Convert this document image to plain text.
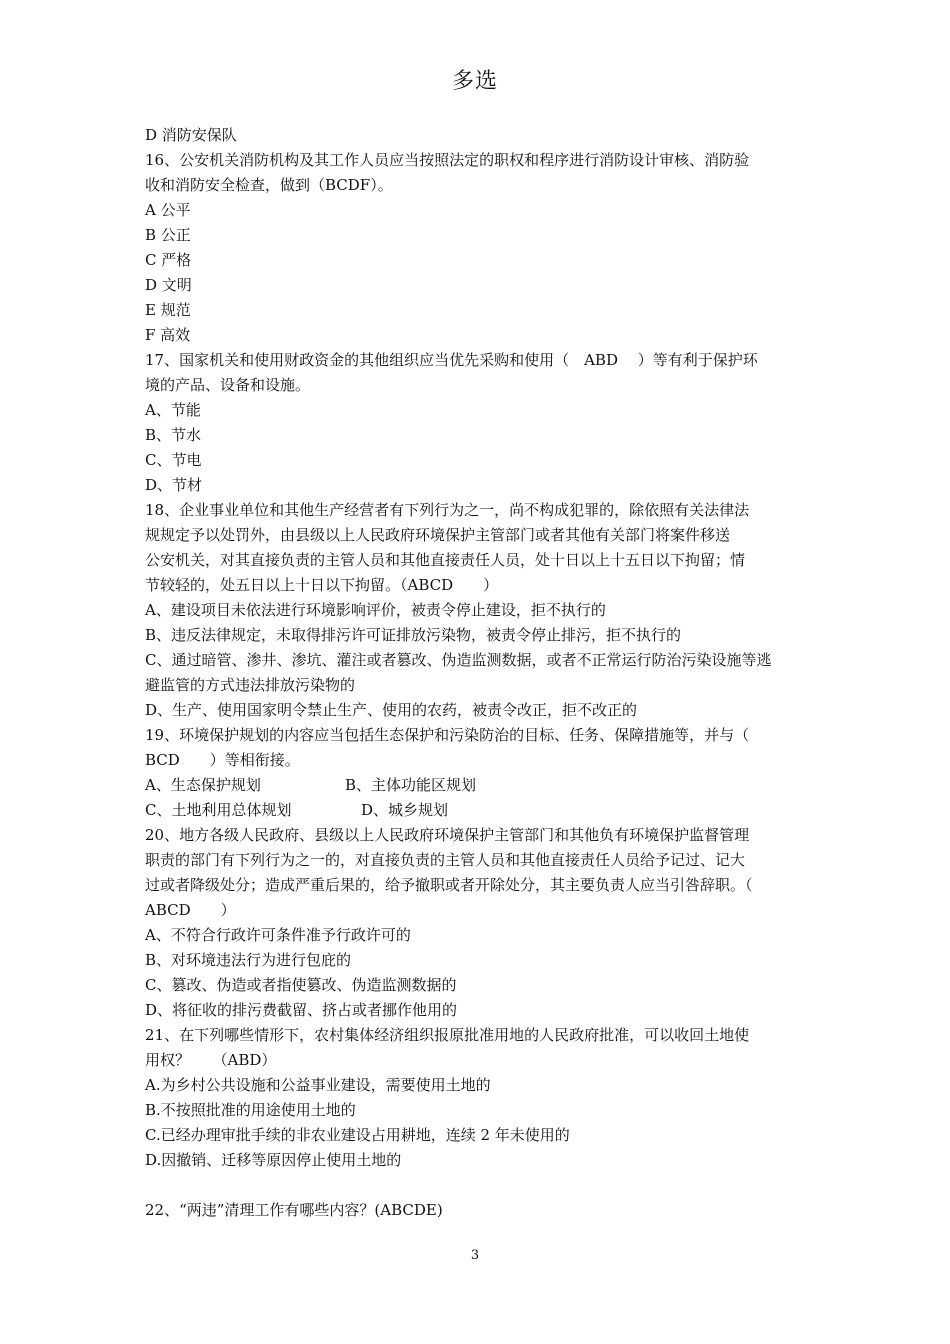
多选

D 消防安保队

16、公安机关消防机构及其工作人员应当按照法定的职权和程序进行消防设计审核、消防验

收和消防安全检查，做到（BCDF）。

A 公平

B 公正

C 严格

D 文明

E 规范

F 高效

17、国家机关和使用财政资金的其他组织应当优先采购和使用（　ABD　 ）等有利于保护环

境的产品、设备和设施。

A、节能

B、节水

C、节电

D、节材

18、企业事业单位和其他生产经营者有下列行为之一，尚不构成犯罪的，除依照有关法律法

规规定予以处罚外，由县级以上人民政府环境保护主管部门或者其他有关部门将案件移送

公安机关，对其直接负责的主管人员和其他直接责任人员，处十日以上十五日以下拘留；情

节较轻的，处五日以上十日以下拘留。（ABCD　　）

A、建设项目未依法进行环境影响评价，被责令停止建设，拒不执行的

B、违反法律规定，未取得排污许可证排放污染物，被责令停止排污，拒不执行的

C、通过暗管、渗井、渗坑、灌注或者篡改、伪造监测数据，或者不正常运行防治污染设施等逃

避监管的方式违法排放污染物的

D、生产、使用国家明令禁止生产、使用的农药，被责令改正，拒不改正的

19、环境保护规划的内容应当包括生态保护和污染防治的目标、任务、保障措施等，并与（

BCD　　）等相衔接。

A、生态保护规划	B、主体功能区规划
C、土地利用总体规划	D、城乡规划

20、地方各级人民政府、县级以上人民政府环境保护主管部门和其他负有环境保护监督管理

职责的部门有下列行为之一的，对直接负责的主管人员和其他直接责任人员给予记过、记大

过或者降级处分；造成严重后果的，给予撤职或者开除处分，其主要负责人应当引咎辞职。（

ABCD　　）

A、不符合行政许可条件准予行政许可的

B、对环境违法行为进行包庇的

C、篡改、伪造或者指使篡改、伪造监测数据的

D、将征收的排污费截留、挤占或者挪作他用的

21、在下列哪些情形下，农村集体经济组织报原批准用地的人民政府批准，可以收回土地使

用权？　　（ABD）

A.为乡村公共设施和公益事业建设，需要使用土地的

B.不按照批准的用途使用土地的

C.已经办理审批手续的非农业建设占用耕地，连续 2 年未使用的

D.因撤销、迁移等原因停止使用土地的

22、“两违”清理工作有哪些内容？(ABCDE)

3
